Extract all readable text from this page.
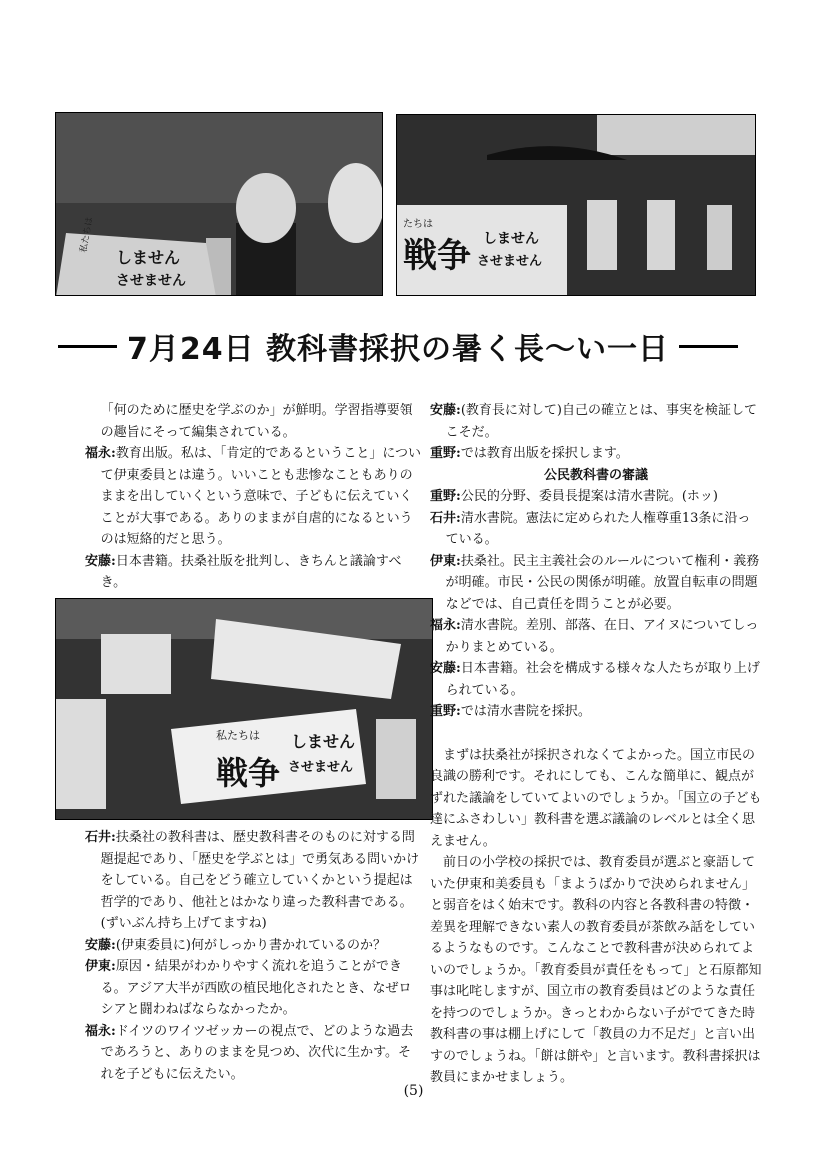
しません
させません
私たちは	たちは
戦争 しません
させません
7月24日 教科書採択の暑く長～い一日

「何のために歴史を学ぶのか」が鮮明。学習指導要領の趣旨にそって編集されている。

福永:教育出版。私は、「肯定的であるということ」について伊東委員とは違う。いいことも悲惨なこともありのままを出していくという意味で、子どもに伝えていくことが大事である。ありのままが自虐的になるというのは短絡的だと思う。

安藤:日本書籍。扶桑社版を批判し、きちんと議論すべき。

私たちは
戦争
しません
させません

石井:扶桑社の教科書は、歴史教科書そのものに対する問題提起であり、「歴史を学ぶとは」で勇気ある問いかけをしている。自己をどう確立していくかという提起は哲学的であり、他社とはかなり違った教科書である。(ずいぶん持ち上げてますね)

安藤:(伊東委員に)何がしっかり書かれているのか？

伊東:原因・結果がわかりやすく流れを追うことができる。アジア大半が西欧の植民地化されたとき、なぜロシアと闘わねばならなかったか。

福永:ドイツのワイツゼッカーの視点で、どのような過去であろうと、ありのままを見つめ、次代に生かす。それを子どもに伝えたい。

安藤:(教育長に対して)自己の確立とは、事実を検証してこそだ。

重野:では教育出版を採択します。

公民教科書の審議

重野:公民的分野、委員長提案は清水書院。(ホッ)

石井:清水書院。憲法に定められた人権尊重13条に沿っている。

伊東:扶桑社。民主主義社会のルールについて権利・義務が明確。市民・公民の関係が明確。放置自転車の問題などでは、自己責任を問うことが必要。

福永:清水書院。差別、部落、在日、アイヌについてしっかりまとめている。

安藤:日本書籍。社会を構成する様々な人たちが取り上げられている。

重野:では清水書院を採択。

まずは扶桑社が採択されなくてよかった。国立市民の良識の勝利です。それにしても、こんな簡単に、観点がずれた議論をしていてよいのでしょうか。「国立の子ども達にふさわしい」教科書を選ぶ議論のレベルとは全く思えません。

前日の小学校の採択では、教育委員が選ぶと豪語していた伊東和美委員も「まようばかりで決められません」と弱音をはく始末です。教科の内容と各教科書の特徴・差異を理解できない素人の教育委員が茶飲み話をしているようなものです。こんなことで教科書が決められてよいのでしょうか。「教育委員が責任をもって」と石原都知事は叱咤しますが、国立市の教育委員はどのような責任を持つのでしょうか。きっとわからない子がでてきた時教科書の事は棚上げにして「教員の力不足だ」と言い出すのでしょうね。「餅は餅や」と言います。教科書採択は教員にまかせましょう。

(5)
